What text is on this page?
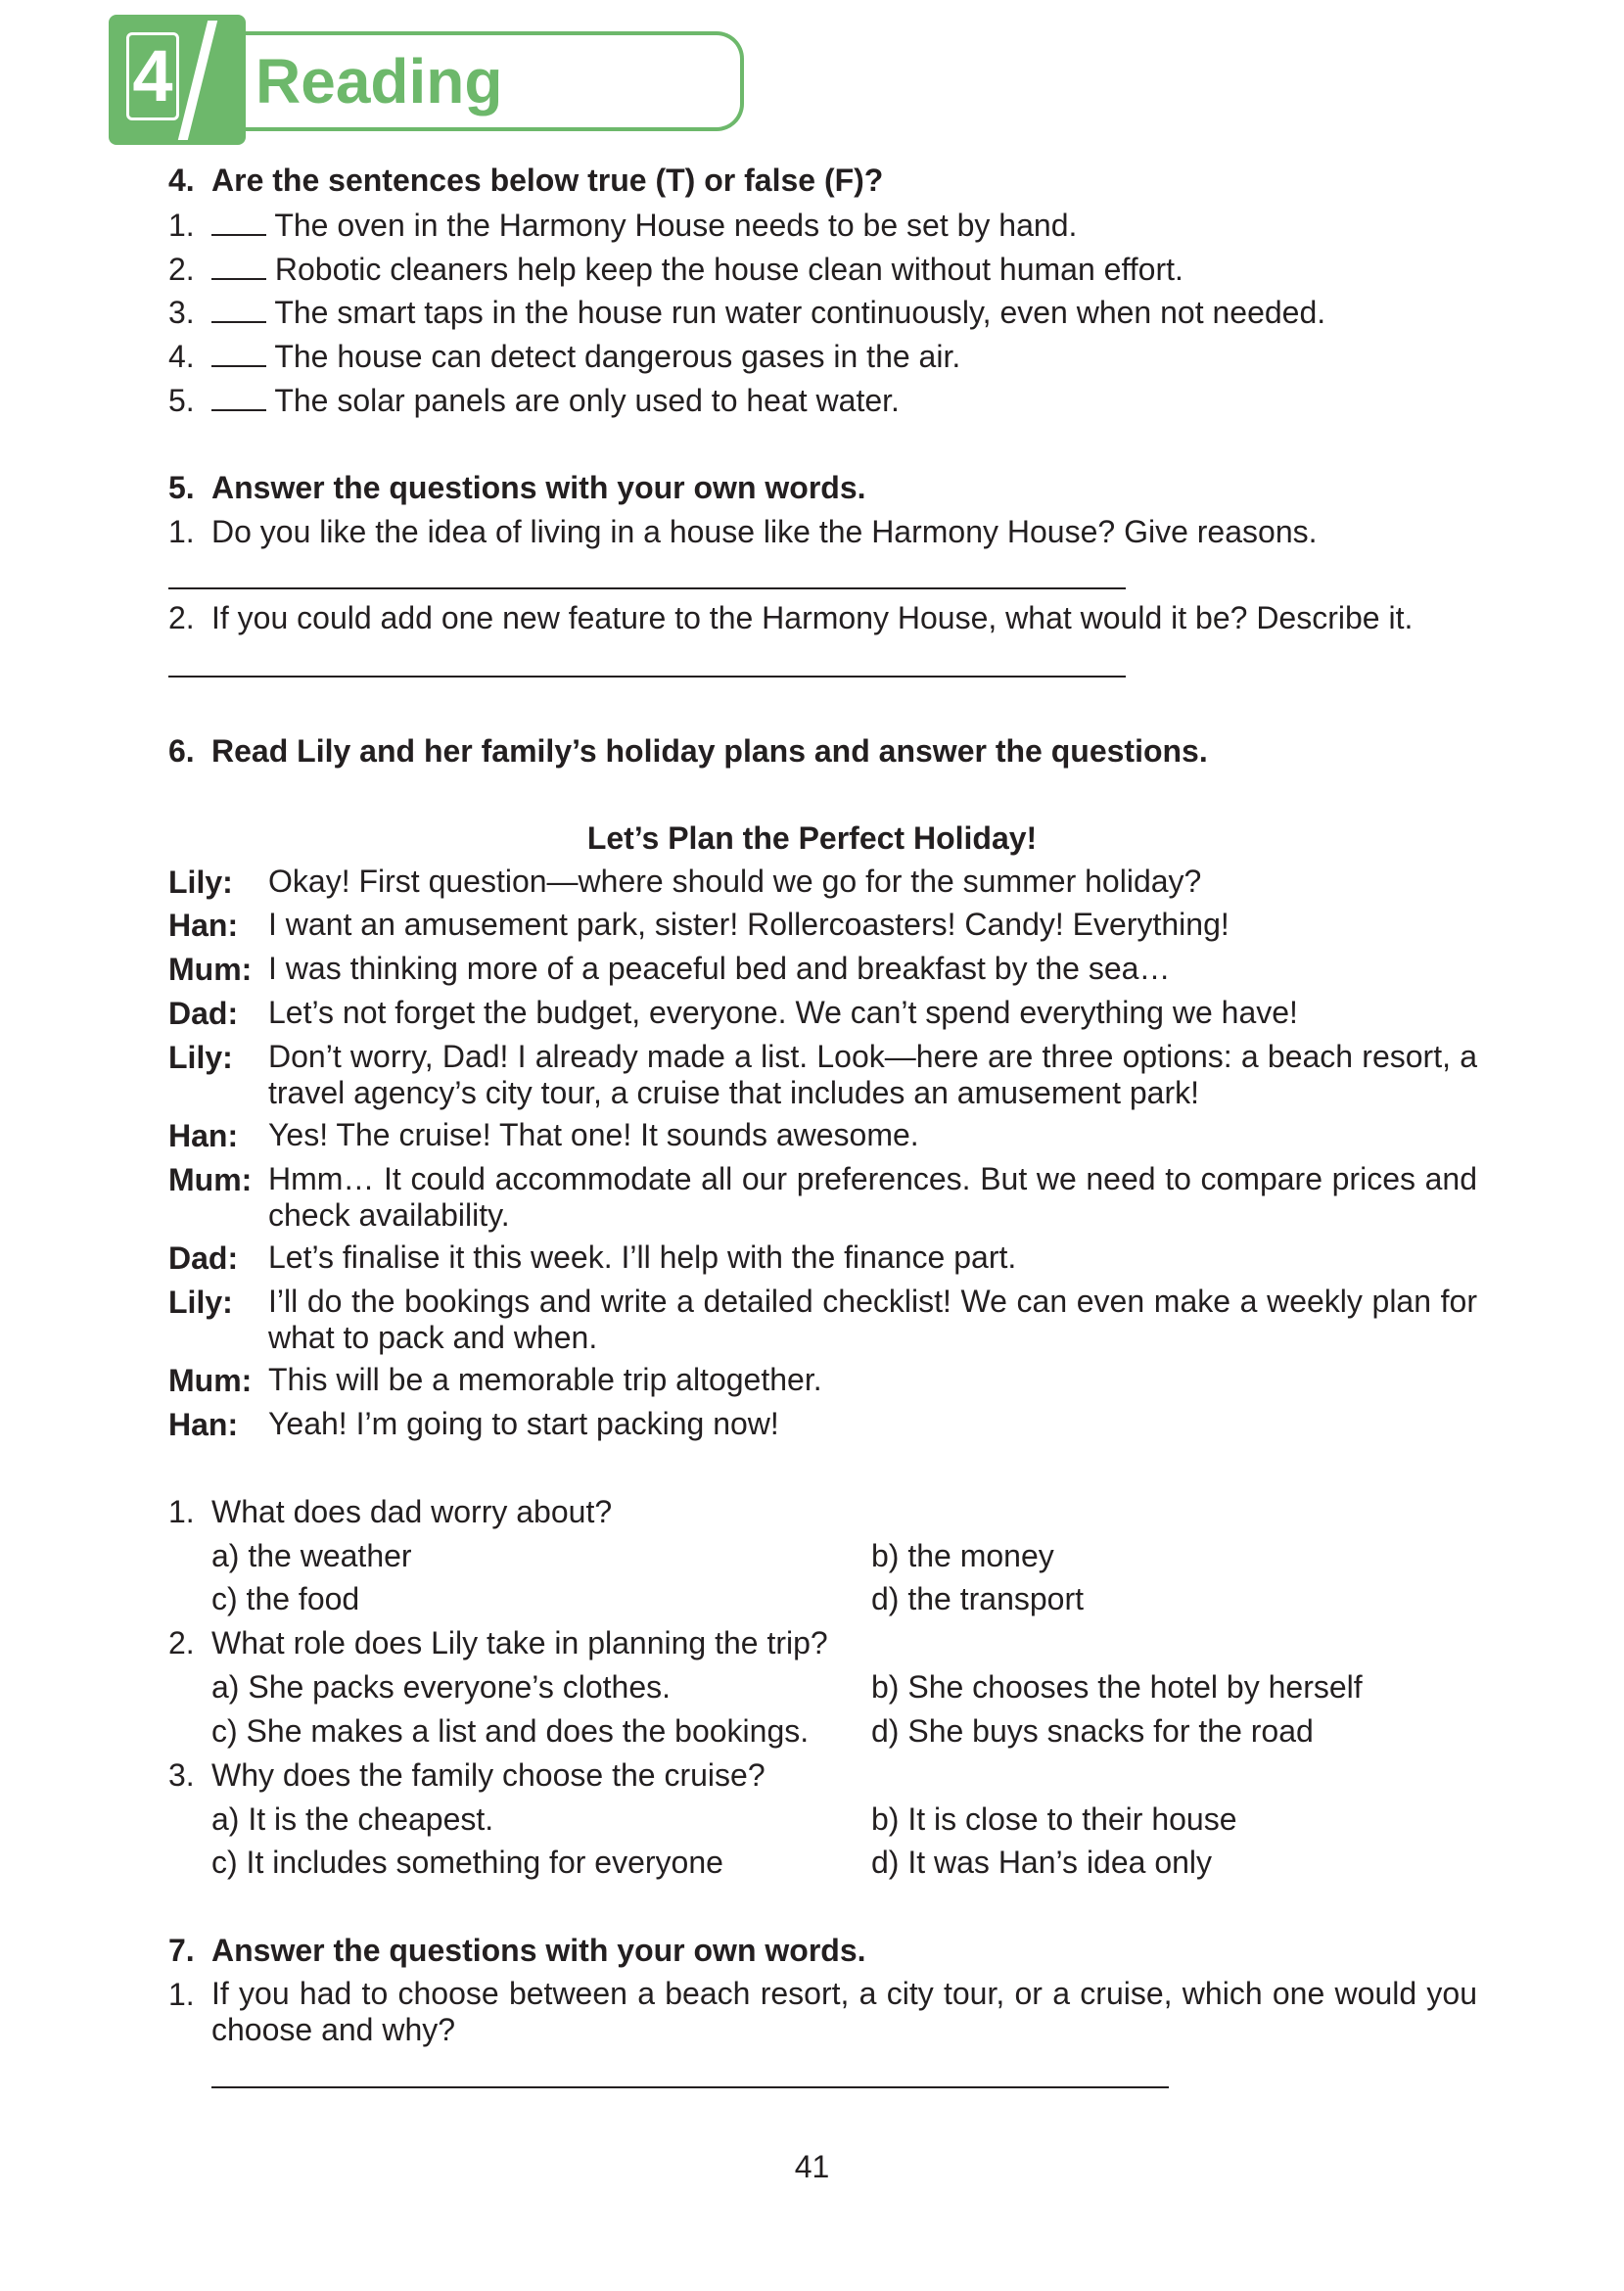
4 Reading
4. Are the sentences below true (T) or false (F)?
1.	The oven in the Harmony House needs to be set by hand.
2.	Robotic cleaners help keep the house clean without human effort.
3.	The smart taps in the house run water continuously, even when not needed.
4.	The house can detect dangerous gases in the air.
5.	The solar panels are only used to heat water.
5. Answer the questions with your own words.
1. Do you like the idea of living in a house like the Harmony House? Give reasons.
2. If you could add one new feature to the Harmony House, what would it be? Describe it.
6. Read Lily and her family’s holiday plans and answer the questions.
Let’s Plan the Perfect Holiday!
Lily:	Okay! First question—where should we go for the summer holiday?
Han: I want an amusement park, sister! Rollercoasters! Candy! Everything!
Mum: I was thinking more of a peaceful bed and breakfast by the sea…
Dad: Let’s not forget the budget, everyone. We can’t spend everything we have!
Lily:	Don’t worry, Dad! I already made a list. Look—here are three options: a beach resort, a travel agency’s city tour, a cruise that includes an amusement park!
Han: Yes! The cruise! That one! It sounds awesome.
Mum: Hmm… It could accommodate all our preferences. But we need to compare prices and check availability.
Dad: Let’s finalise it this week. I’ll help with the finance part.
Lily:	I’ll do the bookings and write a detailed checklist! We can even make a weekly plan for what to pack and when.
Mum: This will be a memorable trip altogether.
Han: Yeah! I’m going to start packing now!
1. What does dad worry about?
a) the weather	b) the money
c) the food	d) the transport
2. What role does Lily take in planning the trip?
a) She packs everyone’s clothes.	b) She chooses the hotel by herself
c) She makes a list and does the bookings. d) She buys snacks for the road
3. Why does the family choose the cruise?
a) It is the cheapest.	b) It is close to their house
c) It includes something for everyone	d) It was Han’s idea only
7. Answer the questions with your own words.
1. If you had to choose between a beach resort, a city tour, or a cruise, which one would you choose and why?
41
